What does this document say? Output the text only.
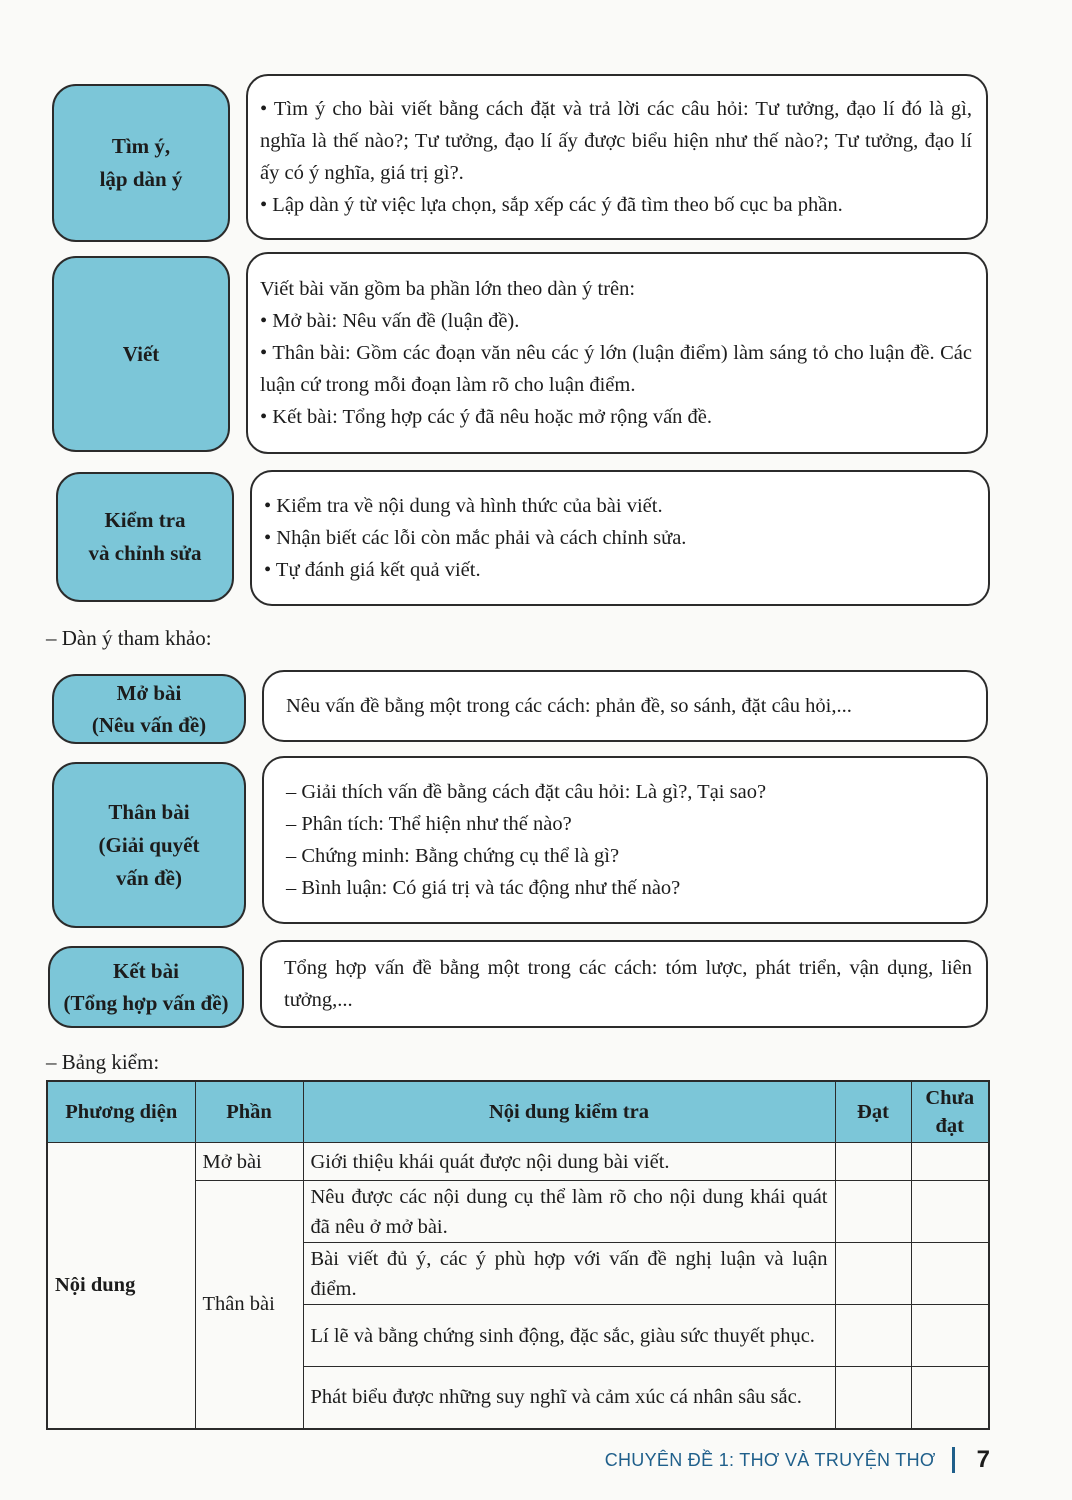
Tìm ý,
lập dàn ý

• Tìm ý cho bài viết bằng cách đặt và trả lời các câu hỏi: Tư tưởng, đạo lí đó là gì, nghĩa là thế nào?; Tư tưởng, đạo lí ấy được biểu hiện như thế nào?; Tư tưởng, đạo lí ấy có ý nghĩa, giá trị gì?.

• Lập dàn ý từ việc lựa chọn, sắp xếp các ý đã tìm theo bố cục ba phần.

Viết

Viết bài văn gồm ba phần lớn theo dàn ý trên:

• Mở bài: Nêu vấn đề (luận đề).

• Thân bài: Gồm các đoạn văn nêu các ý lớn (luận điểm) làm sáng tỏ cho luận đề. Các luận cứ trong mỗi đoạn làm rõ cho luận điểm.

• Kết bài: Tổng hợp các ý đã nêu hoặc mở rộng vấn đề.

Kiểm tra
và chỉnh sửa

• Kiểm tra về nội dung và hình thức của bài viết.

• Nhận biết các lỗi còn mắc phải và cách chỉnh sửa.

• Tự đánh giá kết quả viết.

– Dàn ý tham khảo:
Mở bài
(Nêu vấn đề)

Nêu vấn đề bằng một trong các cách: phản đề, so sánh, đặt câu hỏi,...

Thân bài
(Giải quyết
vấn đề)

– Giải thích vấn đề bằng cách đặt câu hỏi: Là gì?, Tại sao?

– Phân tích: Thể hiện như thế nào?

– Chứng minh: Bằng chứng cụ thể là gì?

– Bình luận: Có giá trị và tác động như thế nào?

Kết bài
(Tổng hợp vấn đề)

Tổng hợp vấn đề bằng một trong các cách: tóm lược, phát triển, vận dụng, liên tưởng,...

– Bảng kiểm:
Phương diện	Phần	Nội dung kiểm tra	Đạt	Chưa đạt
Nội dung	Mở bài	Giới thiệu khái quát được nội dung bài viết.		
	Thân bài	Nêu được các nội dung cụ thể làm rõ cho nội dung khái quát đã nêu ở mở bài.		
		Bài viết đủ ý, các ý phù hợp với vấn đề nghị luận và luận điểm.		
		Lí lẽ và bằng chứng sinh động, đặc sắc, giàu sức thuyết phục.		
		Phát biểu được những suy nghĩ và cảm xúc cá nhân sâu sắc.		
CHUYÊN ĐỀ 1: THƠ VÀ TRUYỆN THƠ 7
